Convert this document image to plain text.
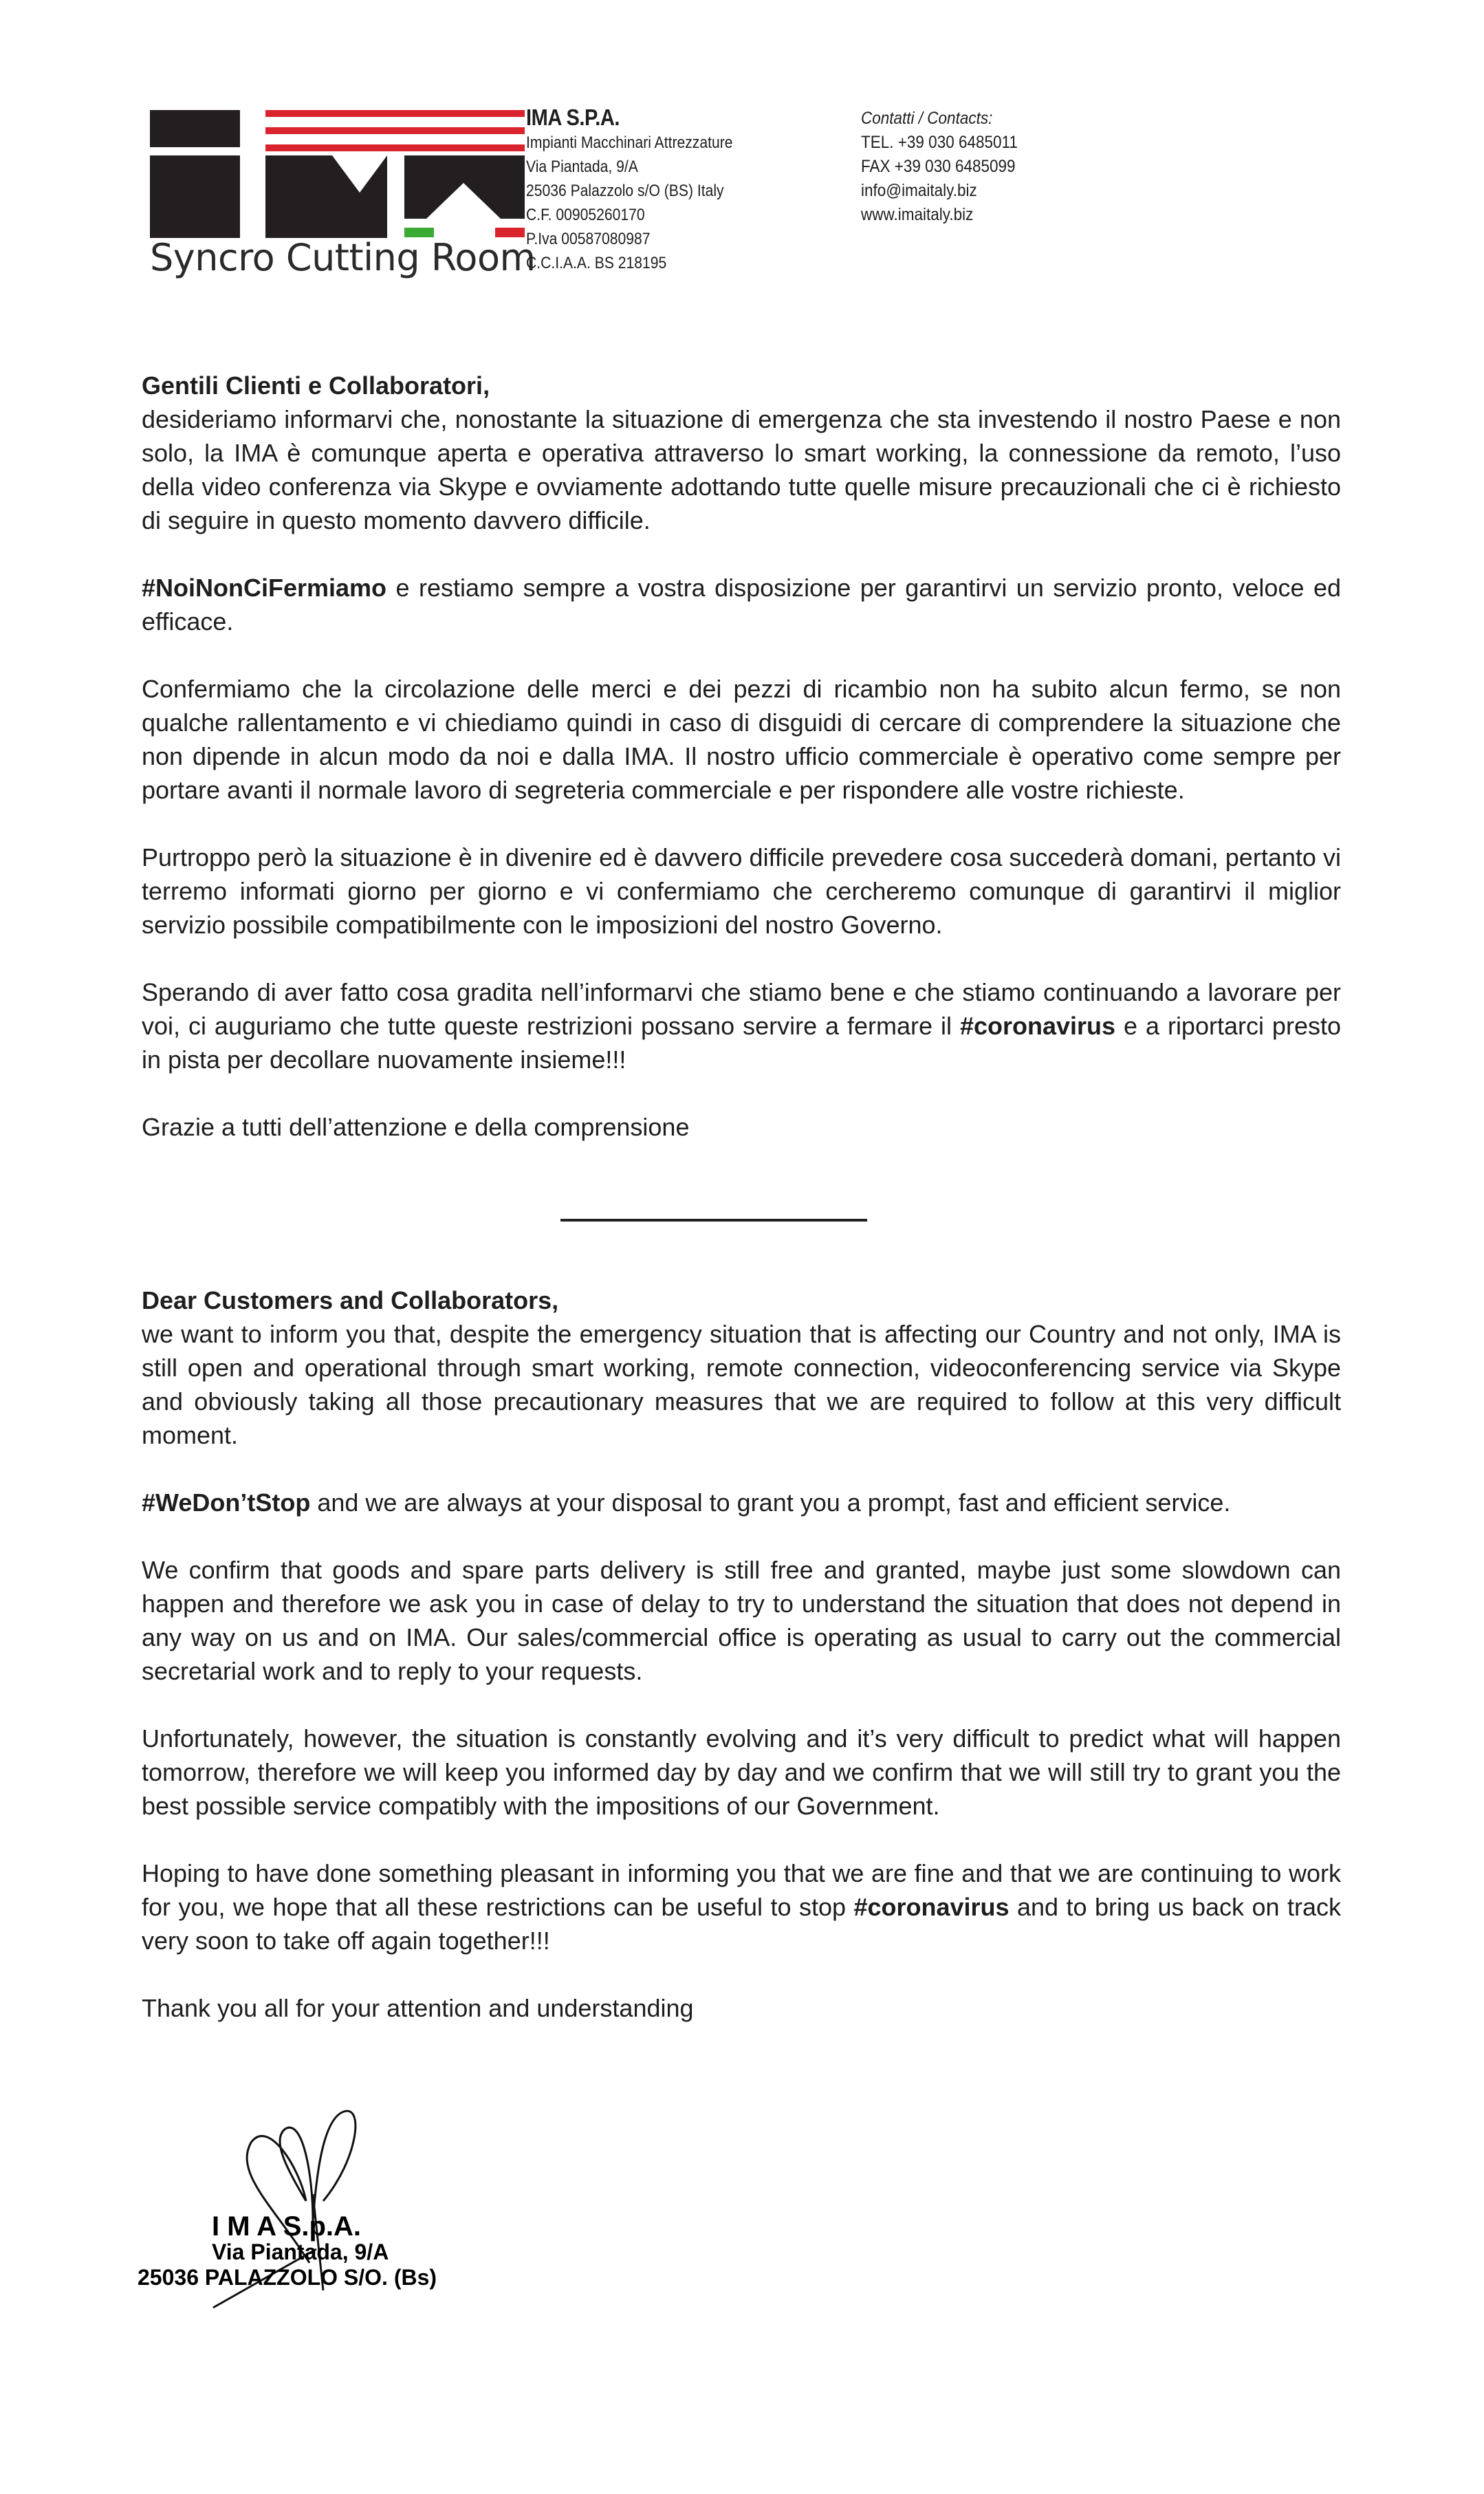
Syncro Cutting Room
IMA S.P.A.
Impianti Macchinari Attrezzature
Via Piantada, 9/A
25036 Palazzolo s/O (BS) Italy
C.F. 00905260170
P.Iva 00587080987
C.C.I.A.A. BS 218195
Contatti / Contacts:
TEL. +39 030 6485011
FAX +39 030 6485099
info@imaitaly.biz
www.imaitaly.biz

Gentili Clienti e Collaboratori,

desideriamo informarvi che, nonostante la situazione di emergenza che sta investendo il nostro Paese e non solo, la IMA è comunque aperta e operativa attraverso lo smart working, la connessione da remoto, l’uso della video conferenza via Skype e ovviamente adottando tutte quelle misure precauzionali che ci è richiesto di seguire in questo momento davvero difficile.

#NoiNonCiFermiamo e restiamo sempre a vostra disposizione per garantirvi un servizio pronto, veloce ed efficace.

Confermiamo che la circolazione delle merci e dei pezzi di ricambio non ha subito alcun fermo, se non qualche rallentamento e vi chiediamo quindi in caso di disguidi di cercare di comprendere la situazione che non dipende in alcun modo da noi e dalla IMA. Il nostro ufficio commerciale è operativo come sempre per portare avanti il normale lavoro di segreteria commerciale e per rispondere alle vostre richieste.

Purtroppo però la situazione è in divenire ed è davvero difficile prevedere cosa succederà domani, pertanto vi terremo informati giorno per giorno e vi confermiamo che cercheremo comunque di garantirvi il miglior servizio possibile compatibilmente con le imposizioni del nostro Governo.

Sperando di aver fatto cosa gradita nell’informarvi che stiamo bene e che stiamo continuando a lavorare per voi, ci auguriamo che tutte queste restrizioni possano servire a fermare il #coronavirus e a riportarci presto in pista per decollare nuovamente insieme!!!

Grazie a tutti dell’attenzione e della comprensione

Dear Customers and Collaborators,

we want to inform you that, despite the emergency situation that is affecting our Country and not only, IMA is still open and operational through smart working, remote connection, videoconferencing service via Skype and obviously taking all those precautionary measures that we are required to follow at this very difficult moment.

#WeDon’tStop and we are always at your disposal to grant you a prompt, fast and efficient service.

We confirm that goods and spare parts delivery is still free and granted, maybe just some slowdown can happen and therefore we ask you in case of delay to try to understand the situation that does not depend in any way on us and on IMA. Our sales/commercial office is operating as usual to carry out the commercial secretarial work and to reply to your requests.

Unfortunately, however, the situation is constantly evolving and it’s very difficult to predict what will happen tomorrow, therefore we will keep you informed day by day and we confirm that we will still try to grant you the best possible service compatibly with the impositions of our Government.

Hoping to have done something pleasant in informing you that we are fine and that we are continuing to work for you, we hope that all these restrictions can be useful to stop #coronavirus and to bring us back on track very soon to take off again together!!!

Thank you all for your attention and understanding

I M A S.p.A.
Via Piantada, 9/A
25036 PALAZZOLO S/O. (Bs)
